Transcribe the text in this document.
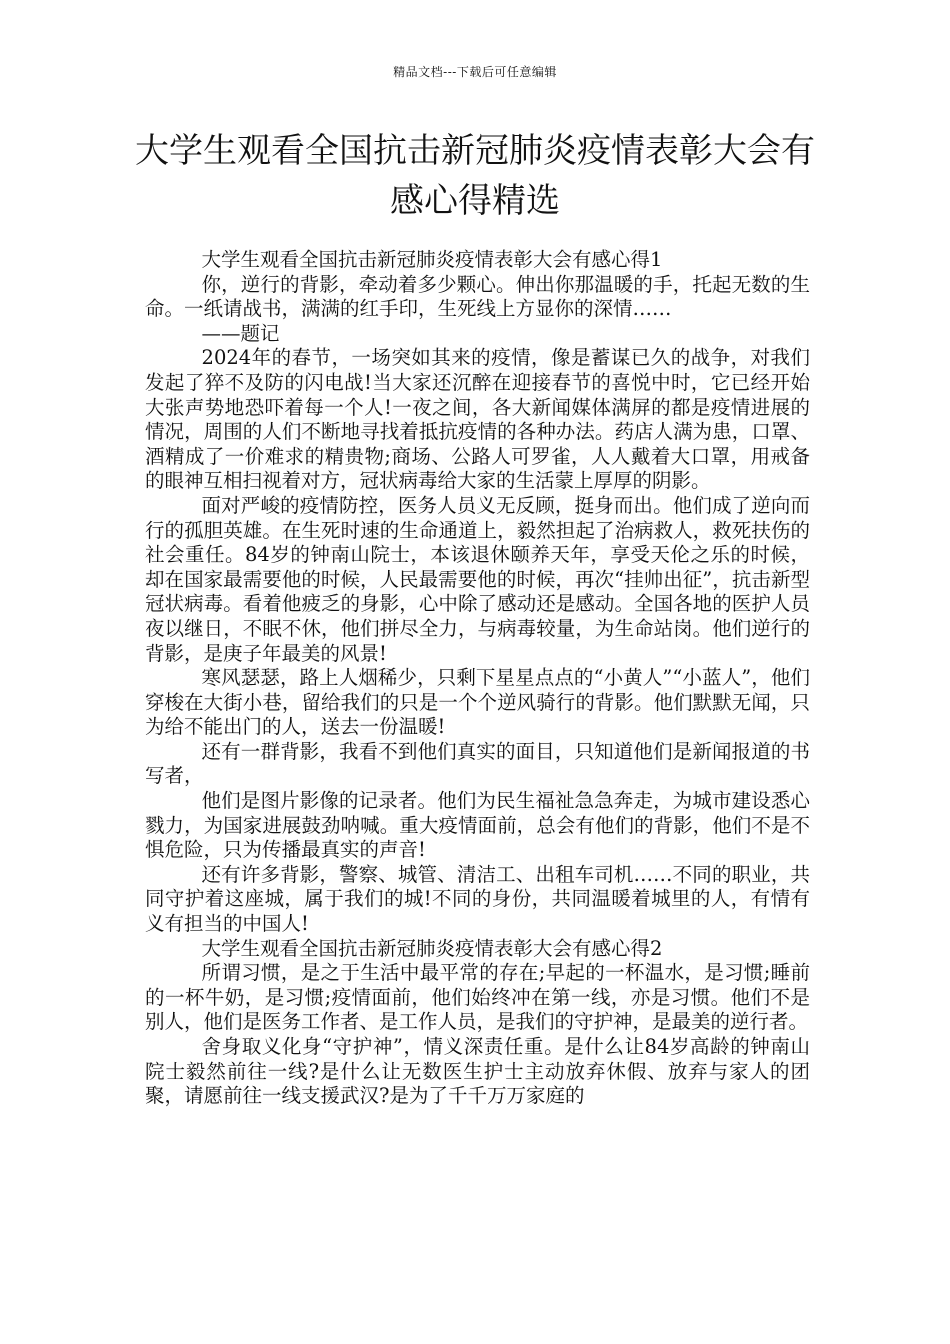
精品文档---下载后可任意编辑
大学生观看全国抗击新冠肺炎疫情表彰大会有感心得精选

大学生观看全国抗击新冠肺炎疫情表彰大会有感心得1

你，逆行的背影，牵动着多少颗心。伸出你那温暖的手，托起无数的生命。一纸请战书，满满的红手印，生死线上方显你的深情……

——题记

2024年的春节，一场突如其来的疫情，像是蓄谋已久的战争，对我们发起了猝不及防的闪电战!当大家还沉醉在迎接春节的喜悦中时，它已经开始大张声势地恐吓着每一个人!一夜之间，各大新闻媒体满屏的都是疫情进展的情况，周围的人们不断地寻找着抵抗疫情的各种办法。药店人满为患，口罩、酒精成了一价难求的精贵物;商场、公路人可罗雀，人人戴着大口罩，用戒备的眼神互相扫视着对方，冠状病毒给大家的生活蒙上厚厚的阴影。

面对严峻的疫情防控，医务人员义无反顾，挺身而出。他们成了逆向而行的孤胆英雄。在生死时速的生命通道上，毅然担起了治病救人，救死扶伤的社会重任。84岁的钟南山院士，本该退休颐养天年，享受天伦之乐的时候，却在国家最需要他的时候，人民最需要他的时候，再次“挂帅出征”，抗击新型冠状病毒。看着他疲乏的身影，心中除了感动还是感动。全国各地的医护人员夜以继日，不眠不休，他们拼尽全力，与病毒较量，为生命站岗。他们逆行的背影，是庚子年最美的风景!

寒风瑟瑟，路上人烟稀少，只剩下星星点点的“小黄人”“小蓝人”，他们穿梭在大街小巷，留给我们的只是一个个逆风骑行的背影。他们默默无闻，只为给不能出门的人，送去一份温暖!

还有一群背影，我看不到他们真实的面目，只知道他们是新闻报道的书写者，

他们是图片影像的记录者。他们为民生福祉急急奔走，为城市建设悉心戮力，为国家进展鼓劲呐喊。重大疫情面前，总会有他们的背影，他们不是不惧危险，只为传播最真实的声音!

还有许多背影，警察、城管、清洁工、出租车司机……不同的职业，共同守护着这座城，属于我们的城!不同的身份，共同温暖着城里的人，有情有义有担当的中国人!

大学生观看全国抗击新冠肺炎疫情表彰大会有感心得2

所谓习惯，是之于生活中最平常的存在;早起的一杯温水，是习惯;睡前的一杯牛奶，是习惯;疫情面前，他们始终冲在第一线，亦是习惯。他们不是别人，他们是医务工作者、是工作人员，是我们的守护神，是最美的逆行者。

舍身取义化身“守护神”，情义深责任重。是什么让84岁高龄的钟南山院士毅然前往一线?是什么让无数医生护士主动放弃休假、放弃与家人的团聚，请愿前往一线支援武汉?是为了千千万万家庭的
